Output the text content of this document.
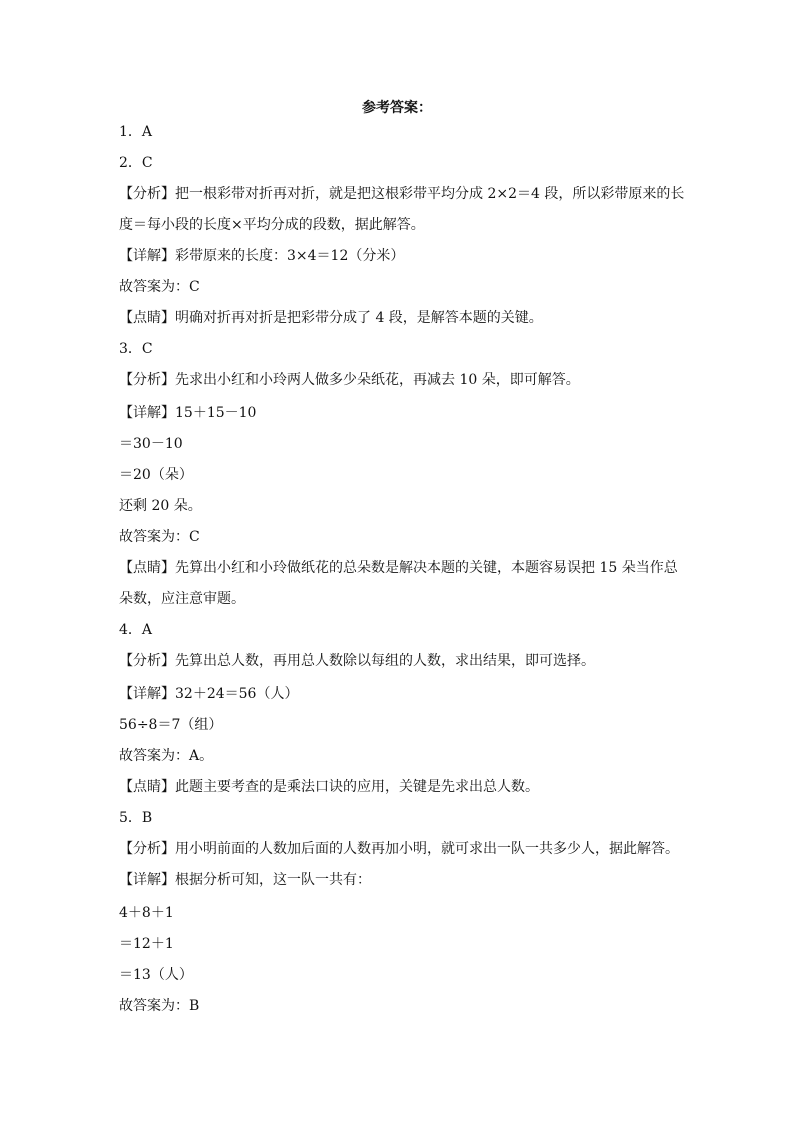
参考答案：
1．A
2．C
【分析】把一根彩带对折再对折，就是把这根彩带平均分成 2×2＝4 段，所以彩带原来的长
度＝每小段的长度×平均分成的段数，据此解答。
【详解】彩带原来的长度：3×4＝12（分米）
故答案为：C
【点睛】明确对折再对折是把彩带分成了 4 段，是解答本题的关键。
3．C
【分析】先求出小红和小玲两人做多少朵纸花，再减去 10 朵，即可解答。
【详解】15＋15－10
＝30－10
＝20（朵）
还剩 20 朵。
故答案为：C
【点睛】先算出小红和小玲做纸花的总朵数是解决本题的关键，本题容易误把 15 朵当作总
朵数，应注意审题。
4．A
【分析】先算出总人数，再用总人数除以每组的人数，求出结果，即可选择。
【详解】32＋24＝56（人）
56÷8＝7（组）
故答案为：A。
【点睛】此题主要考查的是乘法口诀的应用，关键是先求出总人数。
5．B
【分析】用小明前面的人数加后面的人数再加小明，就可求出一队一共多少人，据此解答。
【详解】根据分析可知，这一队一共有：
4＋8＋1
＝12＋1
＝13（人）
故答案为：B
